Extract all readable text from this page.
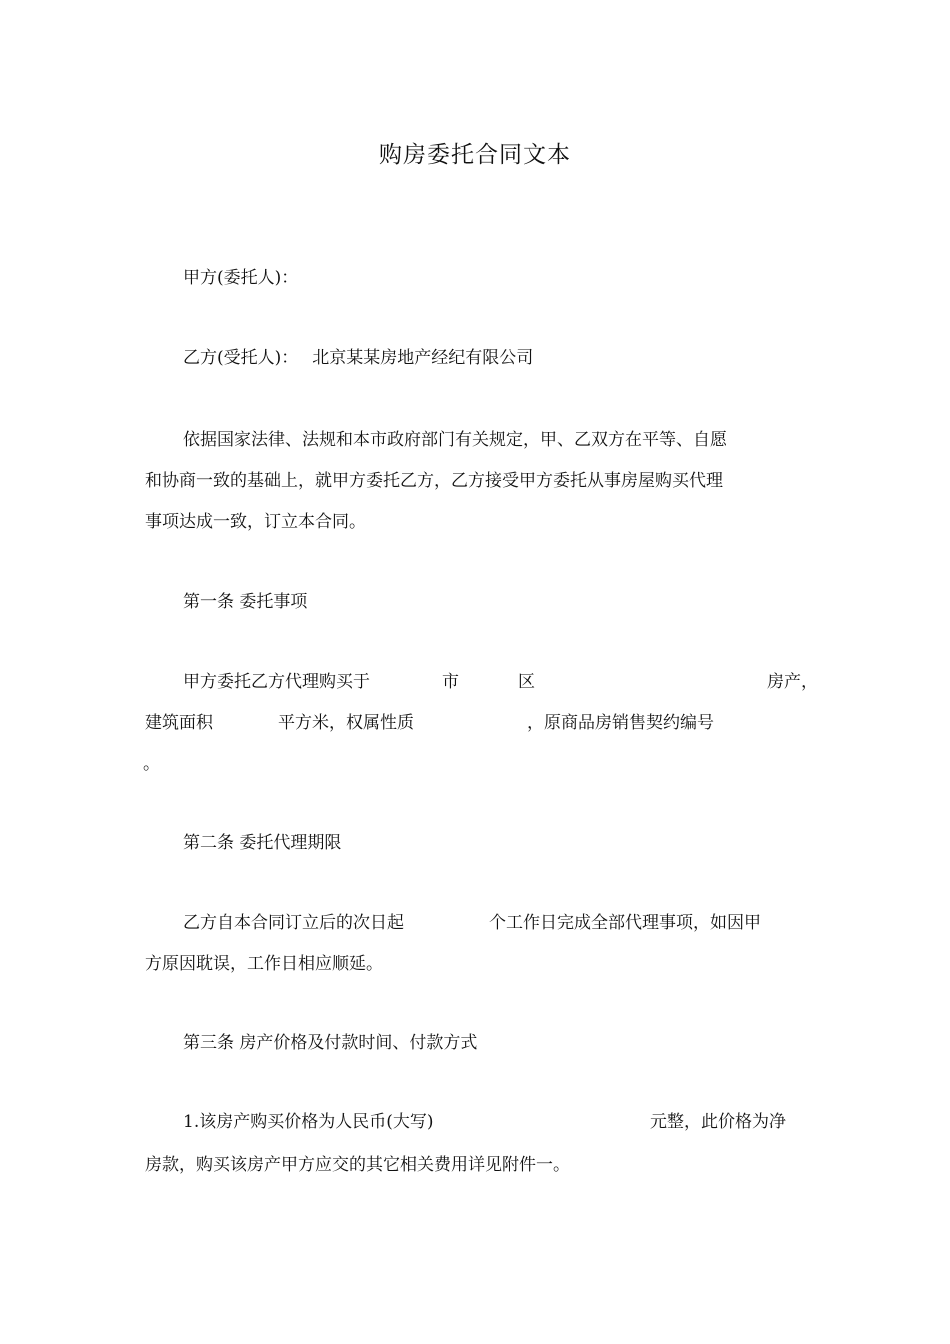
购房委托合同文本
甲方(委托人)：
乙方(受托人)： 北京某某房地产经纪有限公司
依据国家法律、法规和本市政府部门有关规定，甲、乙双方在平等、自愿
和协商一致的基础上，就甲方委托乙方，乙方接受甲方委托从事房屋购买代理
事项达成一致，订立本合同。
第一条 委托事项
甲方委托乙方代理购买于	市	区	房产，
建筑面积	平方米，权属性质	，原商品房销售契约编号
。
第二条 委托代理期限
乙方自本合同订立后的次日起	个工作日完成全部代理事项，如因甲
方原因耽误，工作日相应顺延。
第三条 房产价格及付款时间、付款方式
1.该房产购买价格为人民币(大写)	元整，此价格为净
房款，购买该房产甲方应交的其它相关费用详见附件一。
